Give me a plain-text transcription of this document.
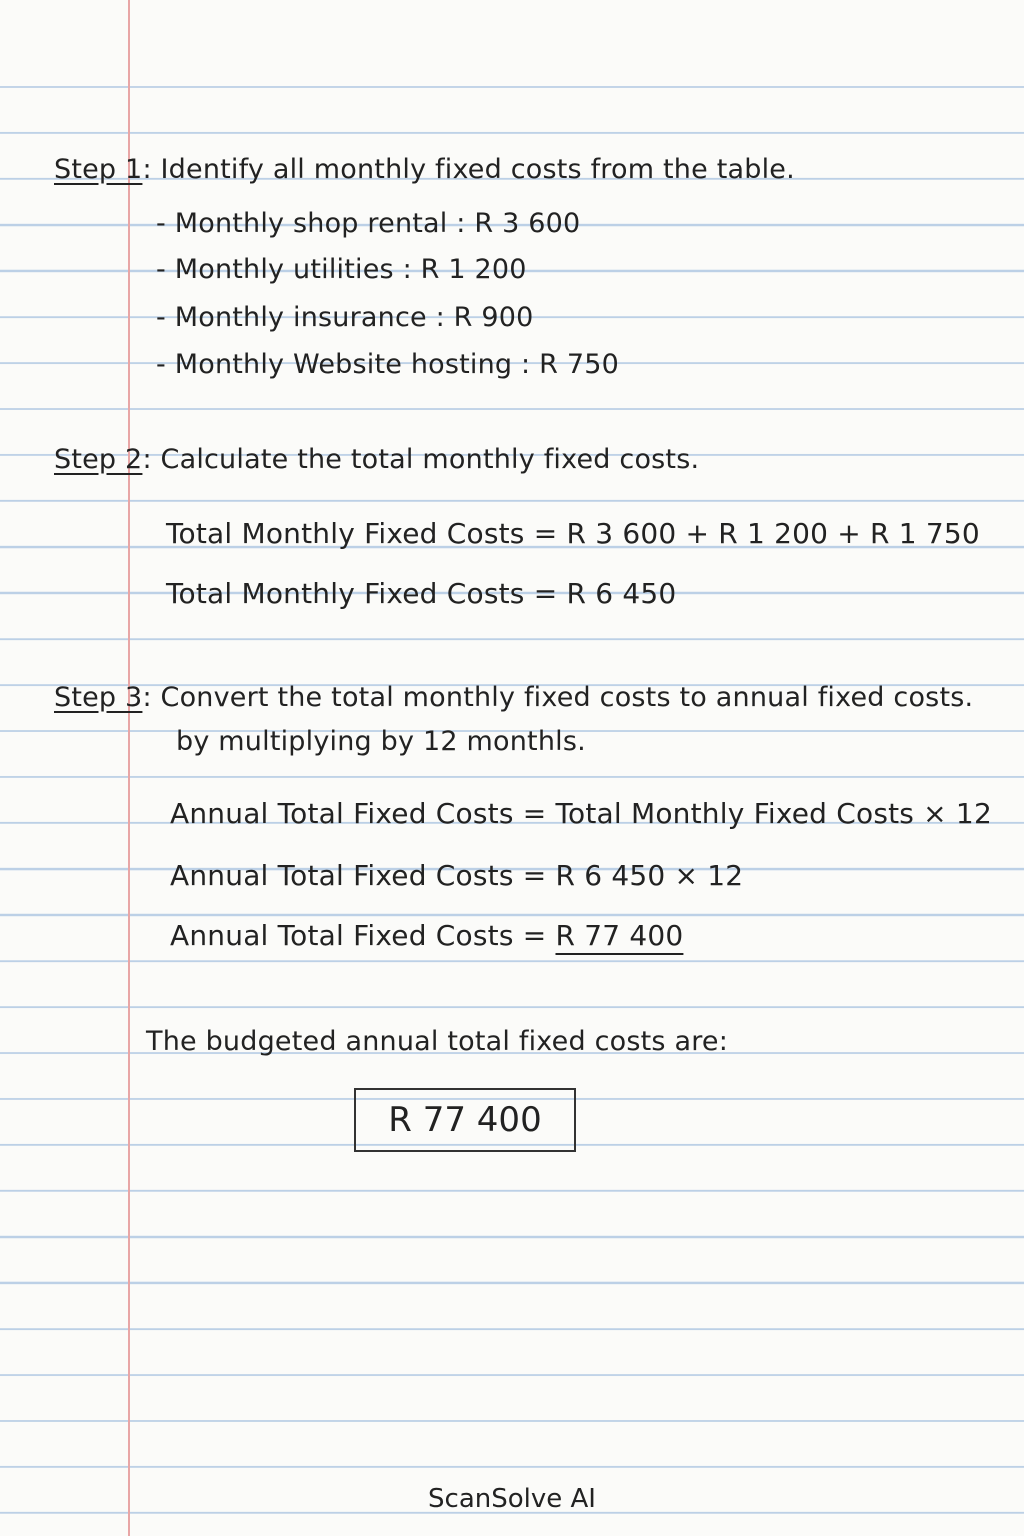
Step 1: Identify all monthly fixed costs from the table.
- Monthly shop rental : R 3 600
- Monthly utilities : R 1 200
- Monthly insurance : R 900
- Monthly Website hosting : R 750
Step 2: Calculate the total monthly fixed costs.
Total Monthly Fixed Costs = R 3 600 + R 1 200 + R 1 750
Total Monthly Fixed Costs = R 6 450
Step 3: Convert the total monthly fixed costs to annual fixed costs.
by multiplying by 12 monthls.
Annual Total Fixed Costs = Total Monthly Fixed Costs × 12
Annual Total Fixed Costs = R 6 450 × 12
Annual Total Fixed Costs = R 77 400
The budgeted annual total fixed costs are:
R 77 400
ScanSolve AI
